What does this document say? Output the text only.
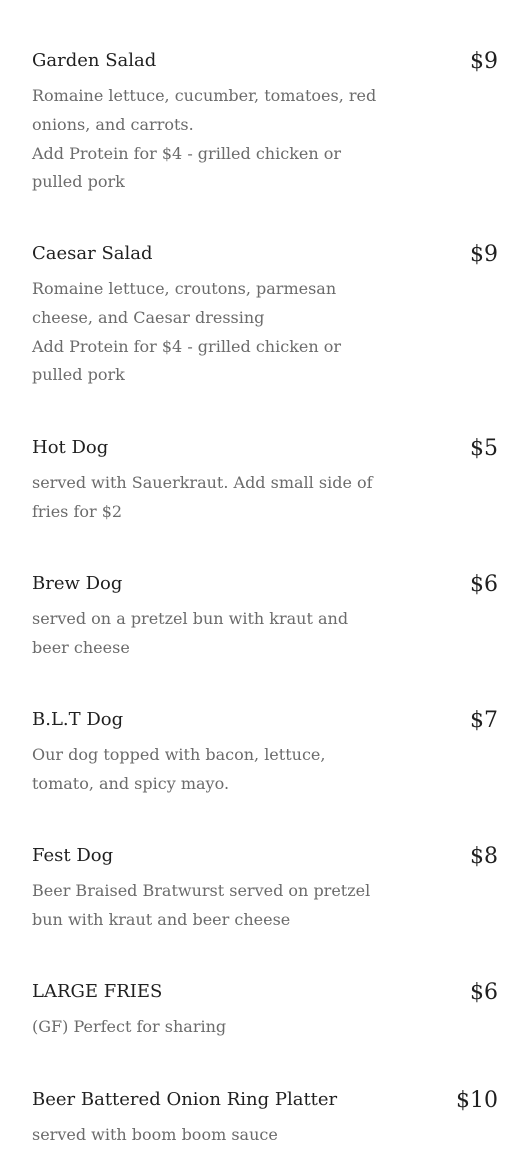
Garden Salad	$9

Romaine lettuce, cucumber, tomatoes, red onions, and carrots.

Add Protein for $4 - grilled chicken or pulled pork

Caesar Salad	$9

Romaine lettuce, croutons, parmesan cheese, and Caesar dressing

Add Protein for $4 - grilled chicken or pulled pork

Hot Dog	$5

served with Sauerkraut. Add small side of fries for $2

Brew Dog	$6

served on a pretzel bun with kraut and beer cheese

B.L.T Dog	$7

Our dog topped with bacon, lettuce, tomato, and spicy mayo.

Fest Dog	$8

Beer Braised Bratwurst served on pretzel bun with kraut and beer cheese

LARGE FRIES	$6

(GF) Perfect for sharing

Beer Battered Onion Ring Platter	$10

served with boom boom sauce
